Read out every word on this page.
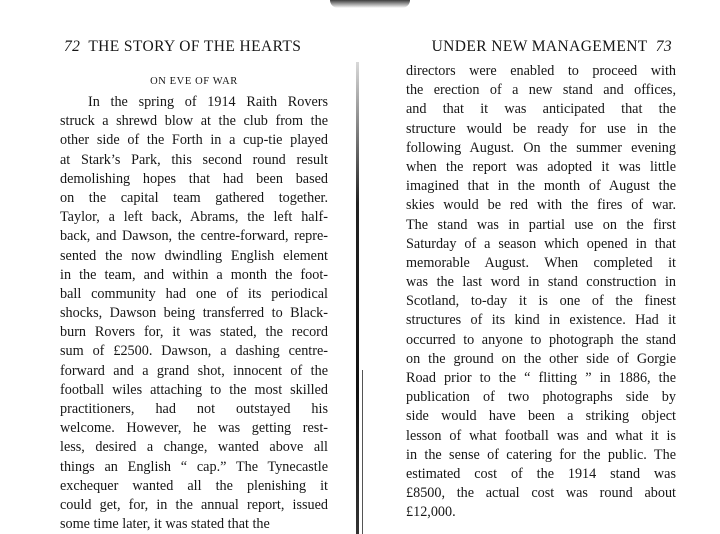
72 THE STORY OF THE HEARTS
ON EVE OF WAR
In the spring of 1914 Raith Rovers
struck a shrewd blow at the club from the
other side of the Forth in a cup-tie played
at Stark’s Park, this second round result
demolishing hopes that had been based
on the capital team gathered together.
Taylor, a left back, Abrams, the left half-
back, and Dawson, the centre-forward, repre-
sented the now dwindling English element
in the team, and within a month the foot-
ball community had one of its periodical
shocks, Dawson being transferred to Black-
burn Rovers for, it was stated, the record
sum of £2500. Dawson, a dashing centre-
forward and a grand shot, innocent of the
football wiles attaching to the most skilled
practitioners, had not outstayed his
welcome. However, he was getting rest-
less, desired a change, wanted above all
things an English “ cap.” The Tynecastle
exchequer wanted all the plenishing it
could get, for, in the annual report, issued
some time later, it was stated that the
UNDER NEW MANAGEMENT 73
directors were enabled to proceed with
the erection of a new stand and offices,
and that it was anticipated that the
structure would be ready for use in the
following August. On the summer evening
when the report was adopted it was little
imagined that in the month of August the
skies would be red with the fires of war.
The stand was in partial use on the first
Saturday of a season which opened in that
memorable August. When completed it
was the last word in stand construction in
Scotland, to-day it is one of the finest
structures of its kind in existence. Had it
occurred to anyone to photograph the stand
on the ground on the other side of Gorgie
Road prior to the “ flitting ” in 1886, the
publication of two photographs side by
side would have been a striking object
lesson of what football was and what it is
in the sense of catering for the public. The
estimated cost of the 1914 stand was
£8500, the actual cost was round about
£12,000.
